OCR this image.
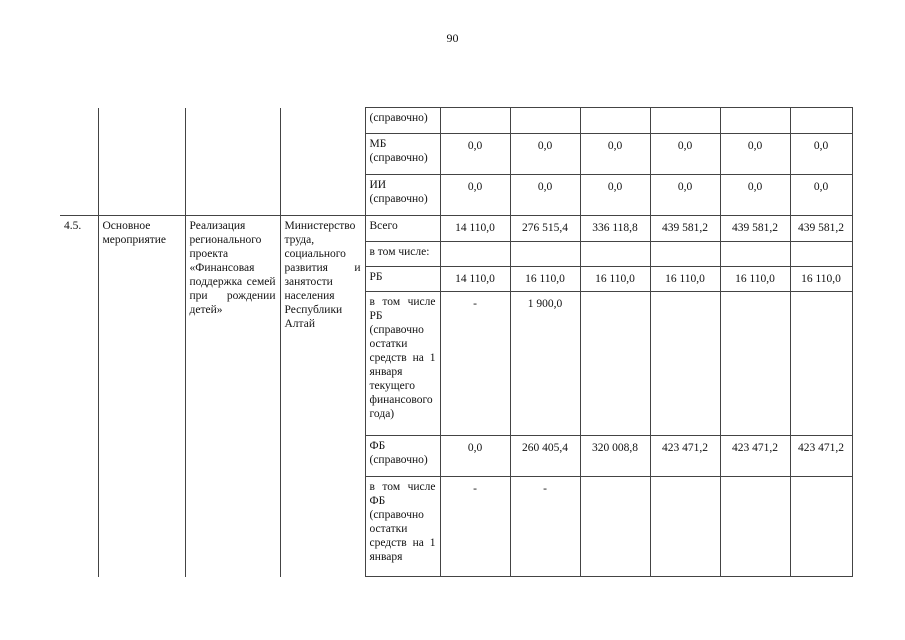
90
				(справочно)						
				МБ (справочно)	0,0	0,0	0,0	0,0	0,0	0,0
				ИИ (справочно)	0,0	0,0	0,0	0,0	0,0	0,0
4.5.	Основное мероприятие	Реализация регионального проекта «Финансовая поддержка семей при рождении детей»	Министерство труда, социального развития и занятости населения Республики Алтай	Всего	14 110,0	276 515,4	336 118,8	439 581,2	439 581,2	439 581,2
				в том числе:						
				РБ	14 110,0	16 110,0	16 110,0	16 110,0	16 110,0	16 110,0
				в том числе РБ (справочно остатки средств на 1 января текущего финансового года)	-	1 900,0				
				ФБ (справочно)	0,0	260 405,4	320 008,8	423 471,2	423 471,2	423 471,2
				в том числе ФБ (справочно остатки средств на 1 января	-	-				
